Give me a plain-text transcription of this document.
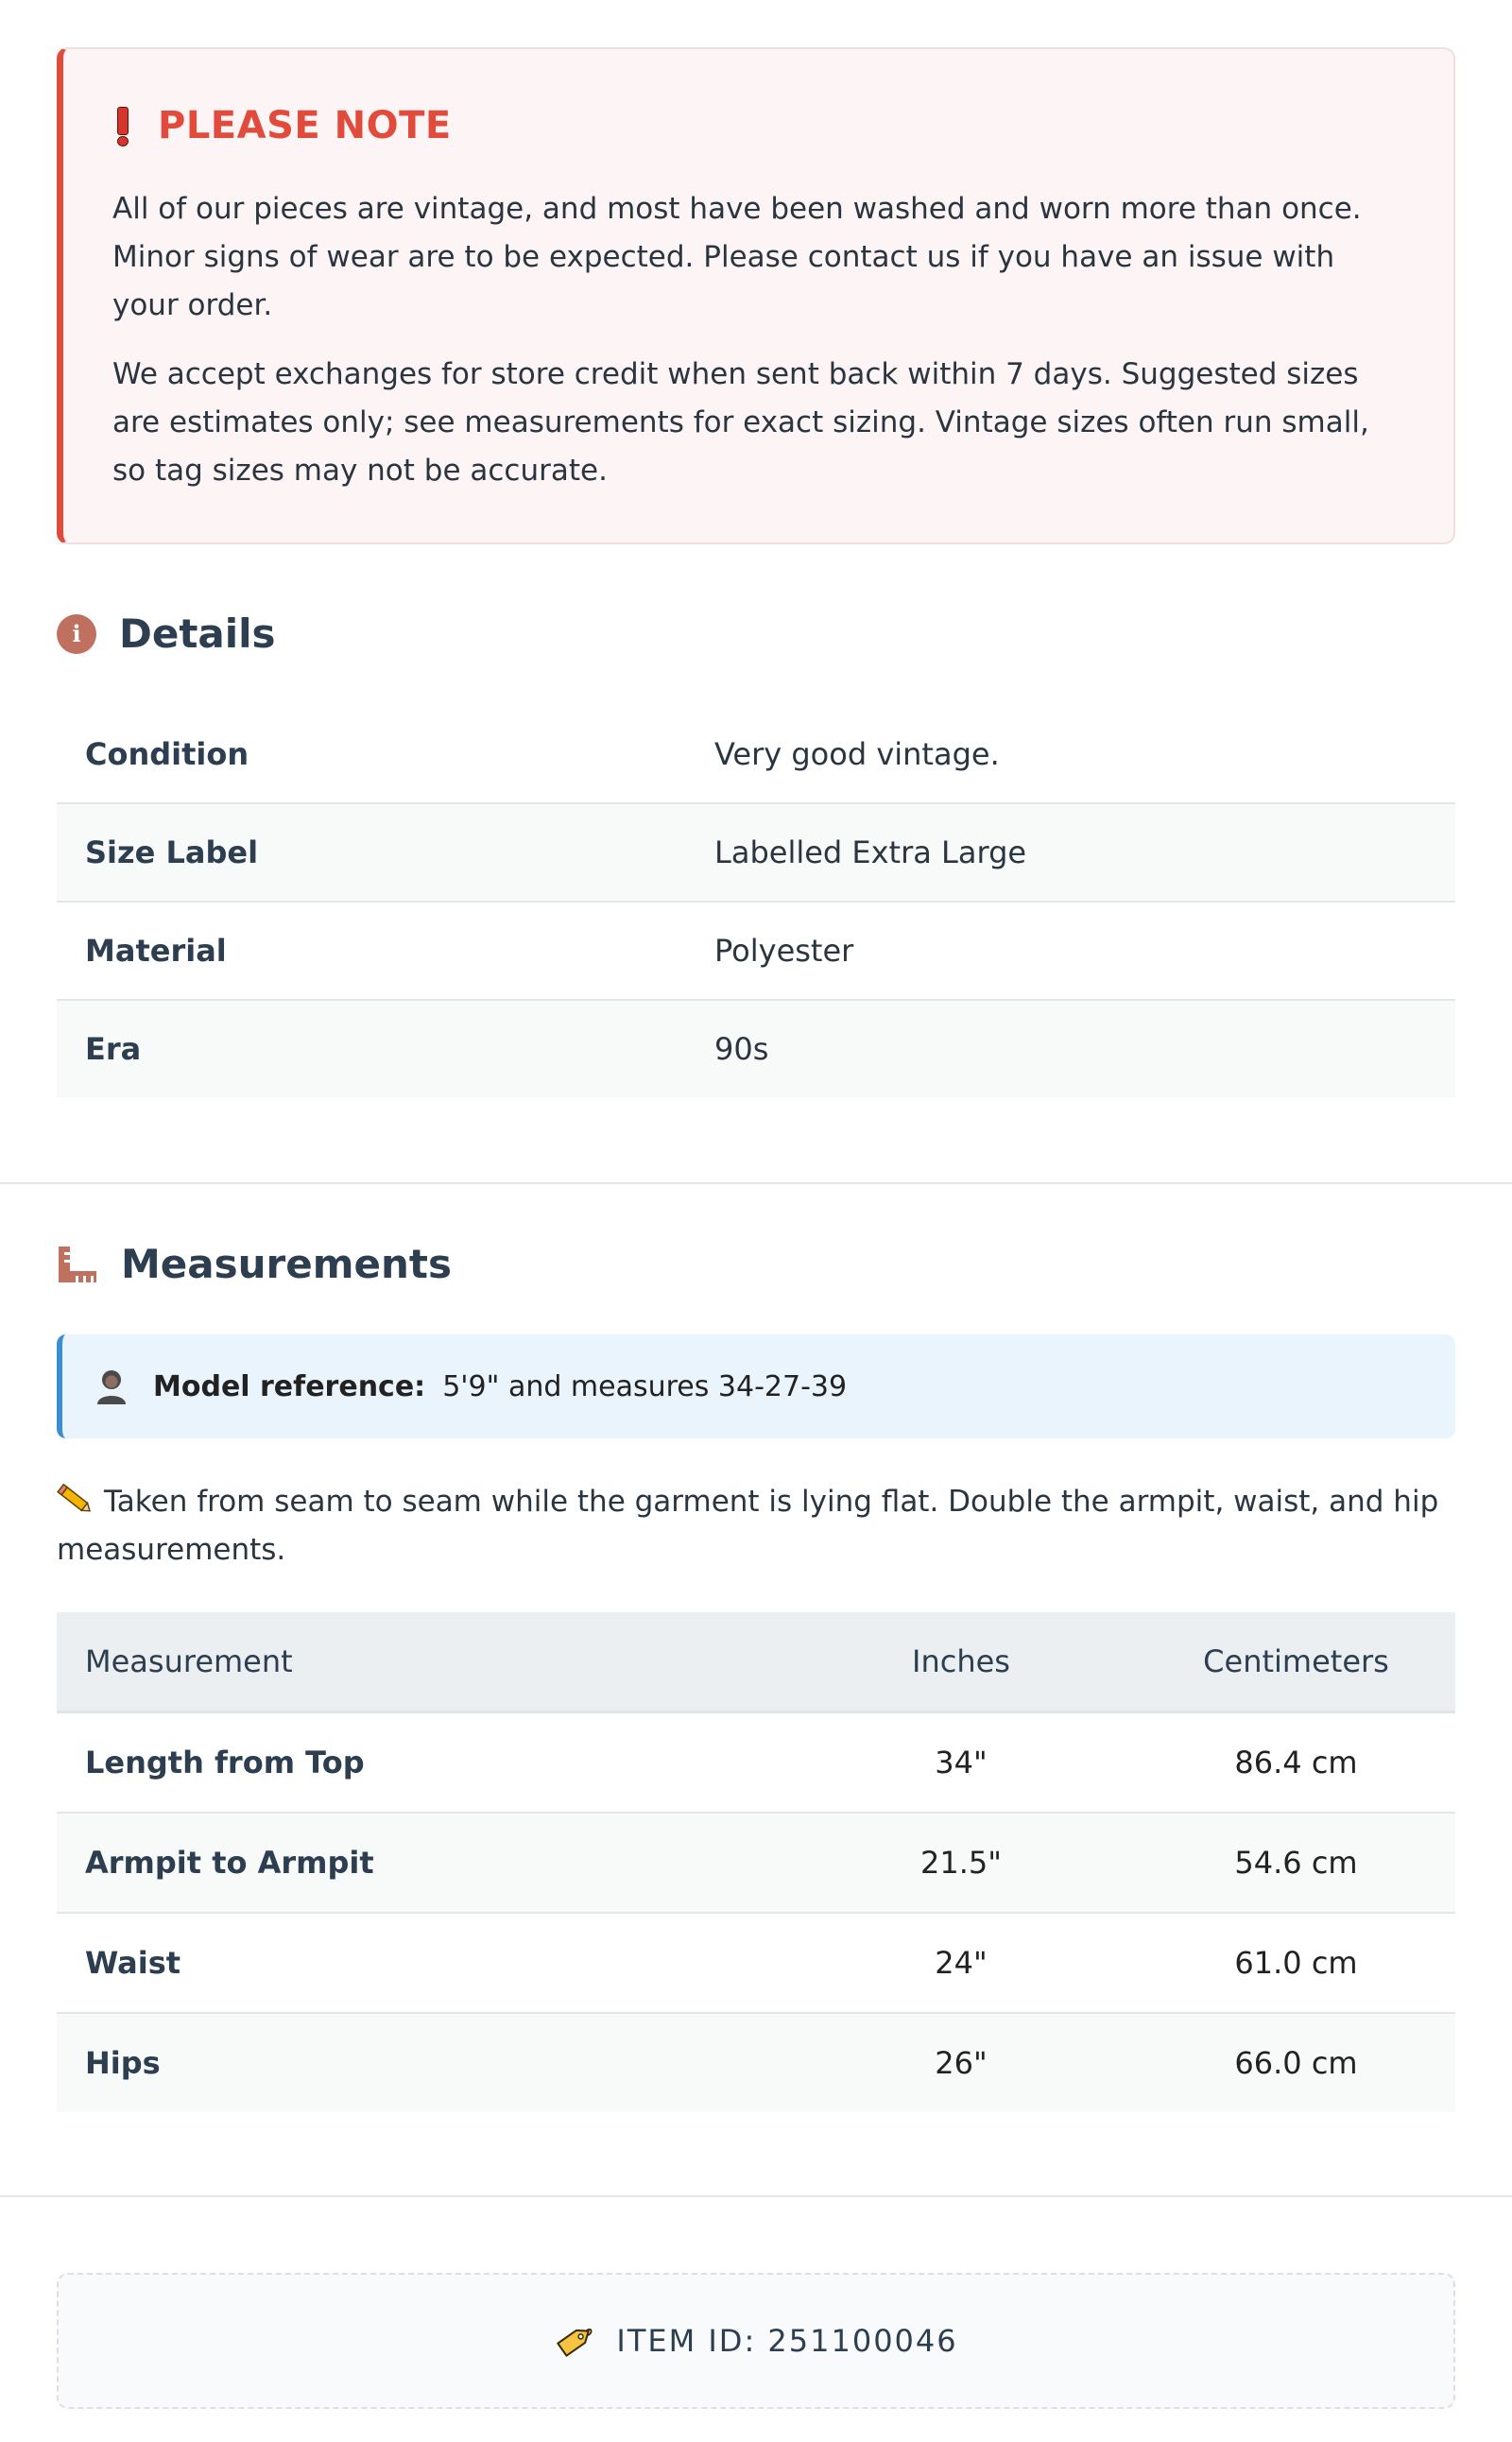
PLEASE NOTE

All of our pieces are vintage, and most have been washed and worn more than once. Minor signs of wear are to be expected. Please contact us if you have an issue with your order.

We accept exchanges for store credit when sent back within 7 days. Suggested sizes are estimates only; see measurements for exact sizing. Vintage sizes often run small, so tag sizes may not be accurate.

i Details
Condition	Very good vintage.
Size Label	Labelled Extra Large
Material	Polyester
Era	90s
Measurements
Model reference: 5'9" and measures 34-27-39
Taken from seam to seam while the garment is lying flat. Double the armpit, waist, and hip measurements.
Measurement	Inches	Centimeters
Length from Top	34"	86.4 cm
Armpit to Armpit	21.5"	54.6 cm
Waist	24"	61.0 cm
Hips	26"	66.0 cm
ITEM ID: 251100046
